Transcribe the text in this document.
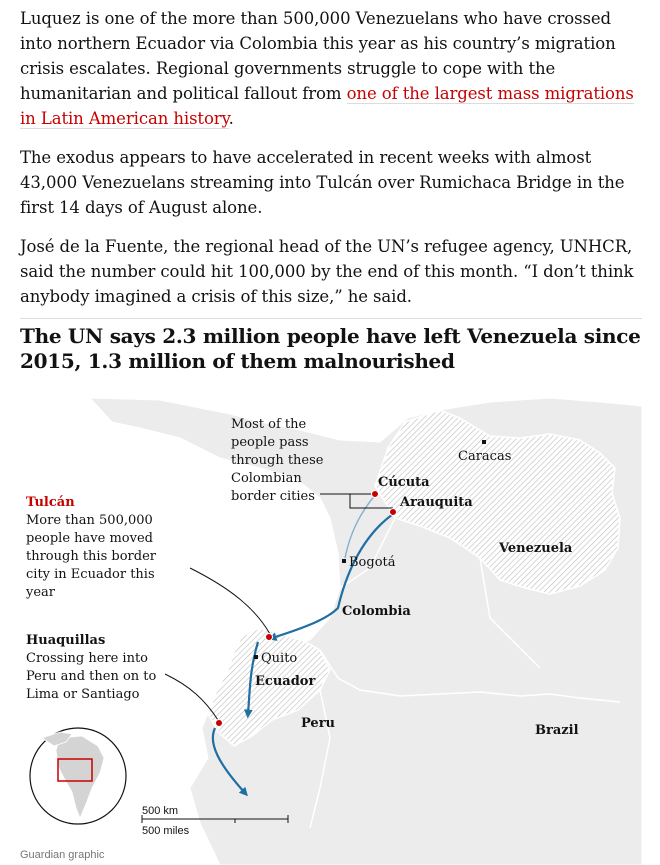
Luquez is one of the more than 500,000 Venezuelans who have crossed into northern Ecuador via Colombia this year as his country’s migration crisis escalates. Regional governments struggle to cope with the humanitarian and political fallout from one of the largest mass migrations in Latin American history.

The exodus appears to have accelerated in recent weeks with almost 43,000 Venezuelans streaming into Tulcán over Rumichaca Bridge in the first 14 days of August alone.

José de la Fuente, the regional head of the UN’s refugee agency, UNHCR, said the number could hit 100,000 by the end of this month. “I don’t think anybody imagined a crisis of this size,” he said.

The UN says 2.3 million people have left Venezuela since 2015, 1.3 million of them malnourished
Most of the people pass through these Colombian border cities
Tulcán
More than 500,000 people have moved through this border city in Ecuador this year
Huaquillas
Crossing here into Peru and then on to Lima or Santiago
Cúcuta
Arauquita
Caracas
Bogotá
Quito
Venezuela
Colombia
Ecuador
Peru	Brazil
500 km
500 miles
Guardian graphic
